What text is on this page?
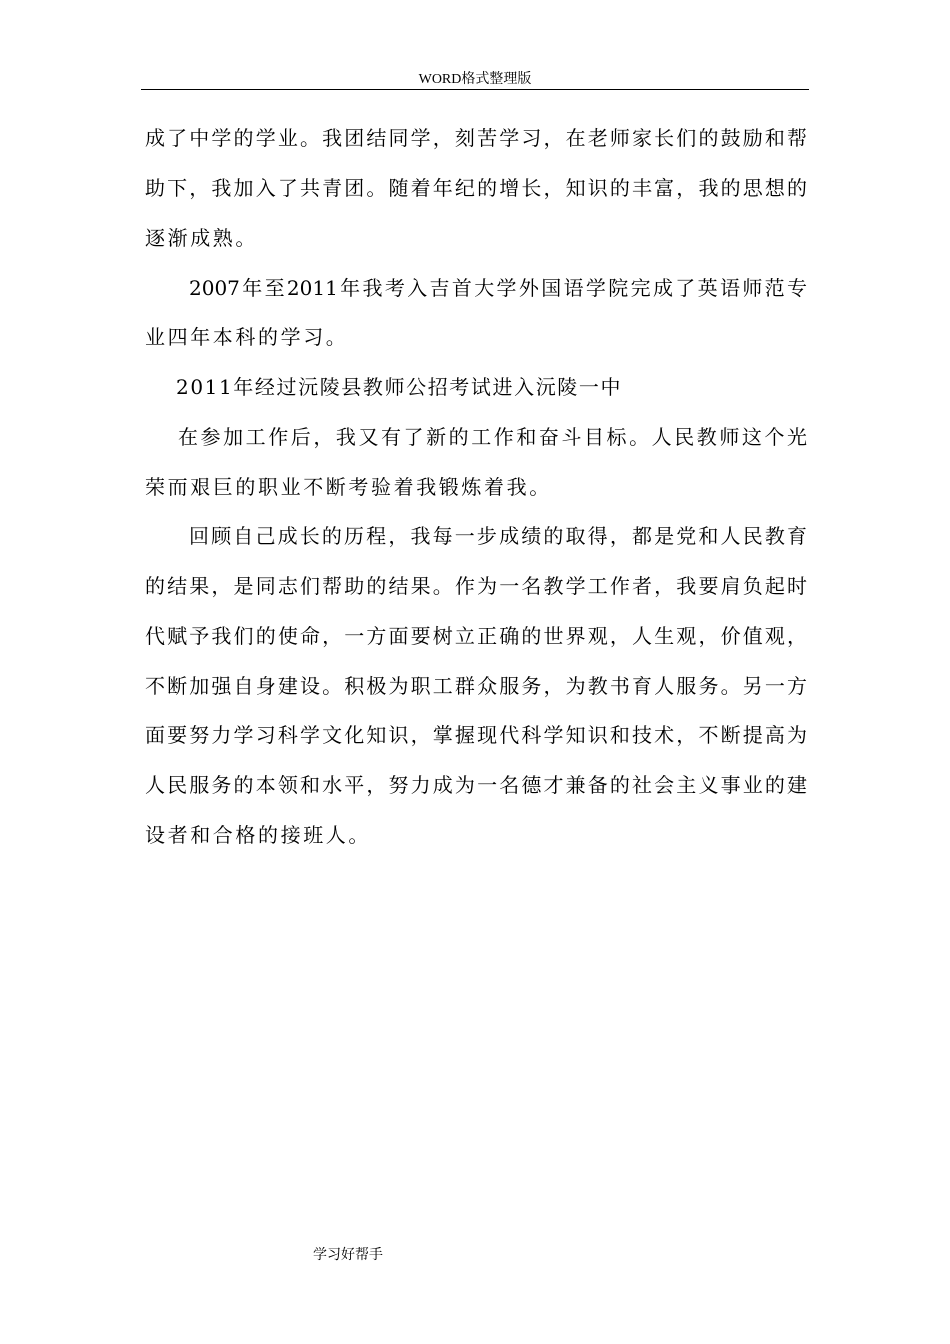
WORD格式整理版
成了中学的学业。我团结同学，刻苦学习，在老师家长们的鼓励和帮
助下，我加入了共青团。随着年纪的增长，知识的丰富，我的思想的
逐渐成熟。
2007年至2011年我考入吉首大学外国语学院完成了英语师范专
业四年本科的学习。
2011年经过沅陵县教师公招考试进入沅陵一中
在参加工作后，我又有了新的工作和奋斗目标。人民教师这个光
荣而艰巨的职业不断考验着我锻炼着我。
回顾自己成长的历程，我每一步成绩的取得，都是党和人民教育
的结果，是同志们帮助的结果。作为一名教学工作者，我要肩负起时
代赋予我们的使命，一方面要树立正确的世界观，人生观，价值观，
不断加强自身建设。积极为职工群众服务，为教书育人服务。另一方
面要努力学习科学文化知识，掌握现代科学知识和技术，不断提高为
人民服务的本领和水平，努力成为一名德才兼备的社会主义事业的建
设者和合格的接班人。
学习好帮手
